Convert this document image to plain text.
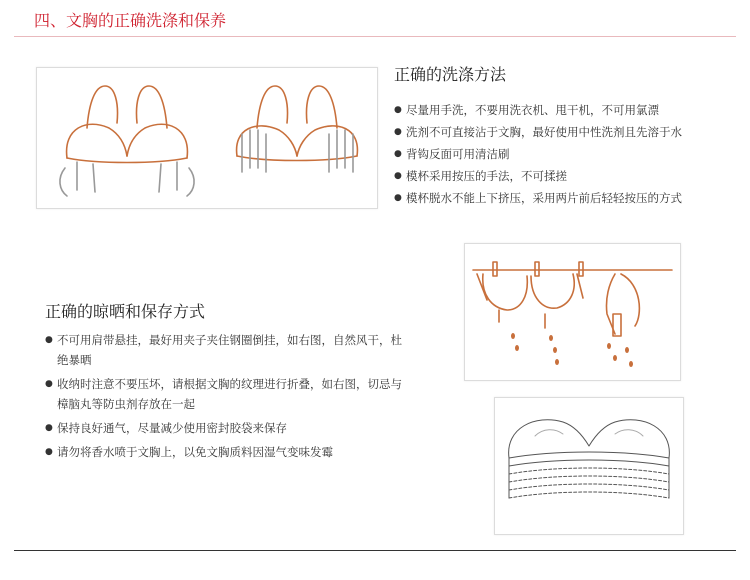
四、文胸的正确洗涤和保养
正确的洗涤方法
● 尽量用手洗，不要用洗衣机、甩干机，不可用氯漂
● 洗剂不可直接沾于文胸，最好使用中性洗剂且先溶于水
● 背钩反面可用清洁刷
● 模杯采用按压的手法，不可揉搓
● 模杯脱水不能上下挤压，采用两片前后轻轻按压的方式
正确的晾晒和保存方式
● 不可用肩带悬挂，最好用夹子夹住钢圈倒挂，如右图，自然风干，杜绝暴晒
● 收纳时注意不要压坏，请根据文胸的纹理进行折叠，如右图，切忌与樟脑丸等防虫剂存放在一起
● 保持良好通气，尽量减少使用密封胶袋来保存
● 请勿将香水喷于文胸上，以免文胸质料因湿气变味发霉
